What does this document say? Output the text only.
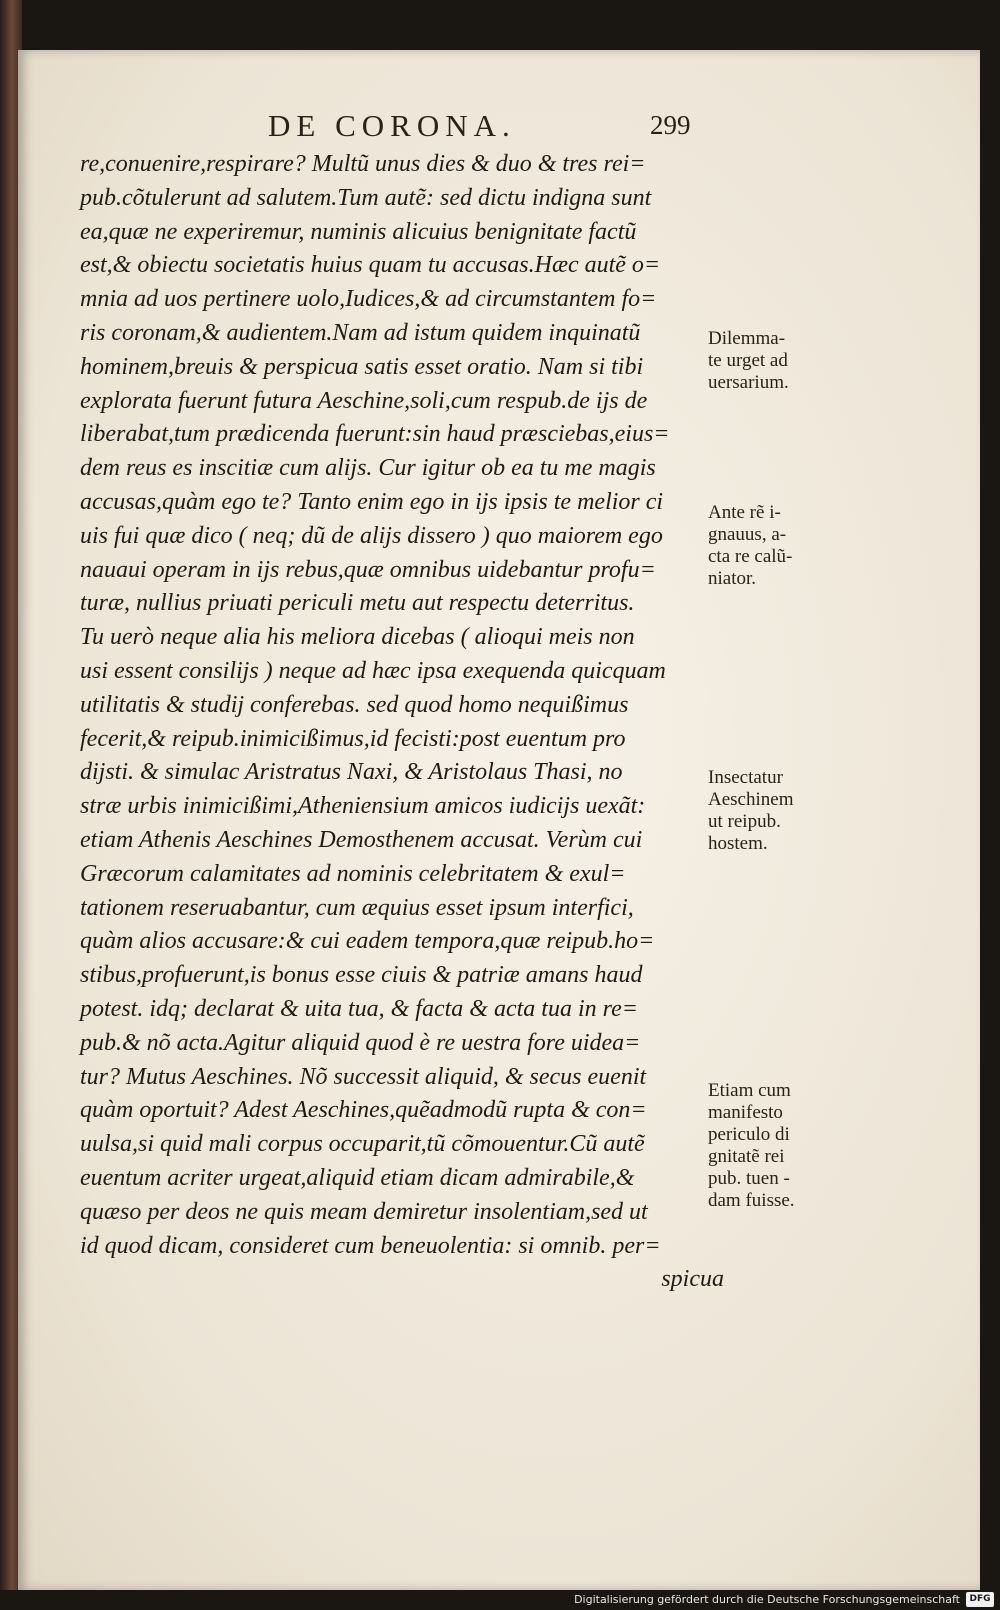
DE CORONA.	299
re,conuenire,respirare? Multũ unus dies & duo & tres rei=
pub.cõtulerunt ad salutem.Tum autẽ: sed dictu indigna sunt
ea,quæ ne experiremur, numinis alicuius benignitate factũ
est,& obiectu societatis huius quam tu accusas.Hæc autẽ o=
mnia ad uos pertinere uolo,Iudices,& ad circumstantem fo=
ris coronam,& audientem.Nam ad istum quidem inquinatũ
hominem,breuis & perspicua satis esset oratio. Nam si tibi
explorata fuerunt futura Aeschine,soli,cum respub.de ijs de
liberabat,tum prædicenda fuerunt:sin haud præsciebas,eius=
dem reus es inscitiæ cum alijs. Cur igitur ob ea tu me magis
accusas,quàm ego te? Tanto enim ego in ijs ipsis te melior ci
uis fui quæ dico ( neq; dũ de alijs dissero ) quo maiorem ego
nauaui operam in ijs rebus,quæ omnibus uidebantur profu=
turæ, nullius priuati periculi metu aut respectu deterritus.
Tu uerò neque alia his meliora dicebas ( alioqui meis non
usi essent consilijs ) neque ad hæc ipsa exequenda quicquam
utilitatis & studij conferebas. sed quod homo nequißimus
fecerit,& reipub.inimicißimus,id fecisti:post euentum pro
dijsti. & simulac Aristratus Naxi, & Aristolaus Thasi, no
stræ urbis inimicißimi,Atheniensium amicos iudicijs uexãt:
etiam Athenis Aeschines Demosthenem accusat. Verùm cui
Græcorum calamitates ad nominis celebritatem & exul=
tationem reseruabantur, cum æquius esset ipsum interfici,
quàm alios accusare:& cui eadem tempora,quæ reipub.ho=
stibus,profuerunt,is bonus esse ciuis & patriæ amans haud
potest. idq; declarat & uita tua, & facta & acta tua in re=
pub.& nõ acta.Agitur aliquid quod è re uestra fore uidea=
tur? Mutus Aeschines. Nõ successit aliquid, & secus euenit
quàm oportuit? Adest Aeschines,quẽadmodũ rupta & con=
uulsa,si quid mali corpus occuparit,tũ cõmouentur.Cũ autẽ
euentum acriter urgeat,aliquid etiam dicam admirabile,&
quæso per deos ne quis meam demiretur insolentiam,sed ut
id quod dicam, consideret cum beneuolentia: si omnib. per=
spicua
Dilemma-
te urget ad
uersarium.
Ante rẽ i-
gnauus, a-
cta re calũ-
niator.
Insectatur
Aeschinem
ut reipub.
hostem.
Etiam cum
manifesto
periculo di
gnitatẽ rei
pub. tuen -
dam fuisse.
Digitalisierung gefördert durch die Deutsche Forschungsgemeinschaft	DFG
